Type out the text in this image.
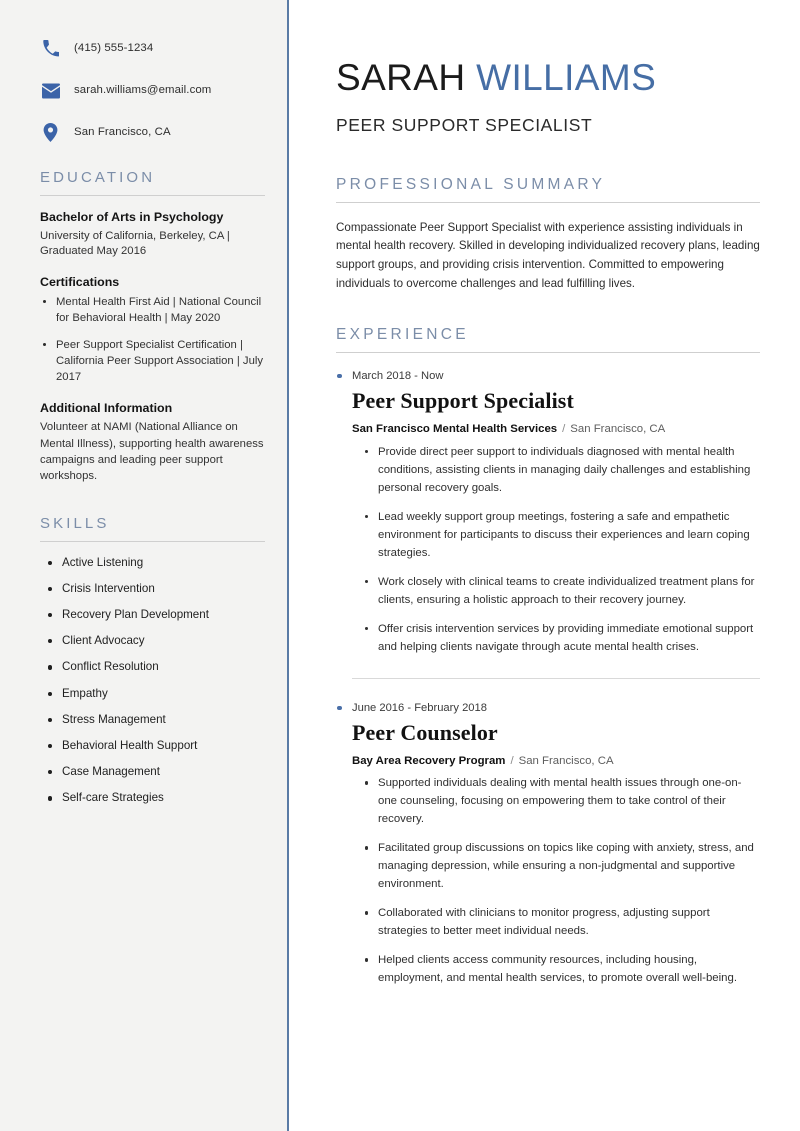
(415) 555-1234
sarah.williams@email.com
San Francisco, CA
EDUCATION
Bachelor of Arts in Psychology
University of California, Berkeley, CA | Graduated May 2016
Certifications
Mental Health First Aid | National Council for Behavioral Health | May 2020
Peer Support Specialist Certification | California Peer Support Association | July 2017
Additional Information

Volunteer at NAMI (National Alliance on Mental Illness), supporting health awareness campaigns and leading peer support workshops.

SKILLS
Active Listening
Crisis Intervention
Recovery Plan Development
Client Advocacy
Conflict Resolution
Empathy
Stress Management
Behavioral Health Support
Case Management
Self-care Strategies
SARAH WILLIAMS
PEER SUPPORT SPECIALIST
PROFESSIONAL SUMMARY

Compassionate Peer Support Specialist with experience assisting individuals in mental health recovery. Skilled in developing individualized recovery plans, leading support groups, and providing crisis intervention. Committed to empowering individuals to overcome challenges and lead fulfilling lives.

EXPERIENCE
March 2018 - Now
Peer Support Specialist
San Francisco Mental Health Services / San Francisco, CA
Provide direct peer support to individuals diagnosed with mental health conditions, assisting clients in managing daily challenges and establishing personal recovery goals.
Lead weekly support group meetings, fostering a safe and empathetic environment for participants to discuss their experiences and learn coping strategies.
Work closely with clinical teams to create individualized treatment plans for clients, ensuring a holistic approach to their recovery journey.
Offer crisis intervention services by providing immediate emotional support and helping clients navigate through acute mental health crises.
June 2016 - February 2018
Peer Counselor
Bay Area Recovery Program / San Francisco, CA
Supported individuals dealing with mental health issues through one-on-one counseling, focusing on empowering them to take control of their recovery.
Facilitated group discussions on topics like coping with anxiety, stress, and managing depression, while ensuring a non-judgmental and supportive environment.
Collaborated with clinicians to monitor progress, adjusting support strategies to better meet individual needs.
Helped clients access community resources, including housing, employment, and mental health services, to promote overall well-being.
